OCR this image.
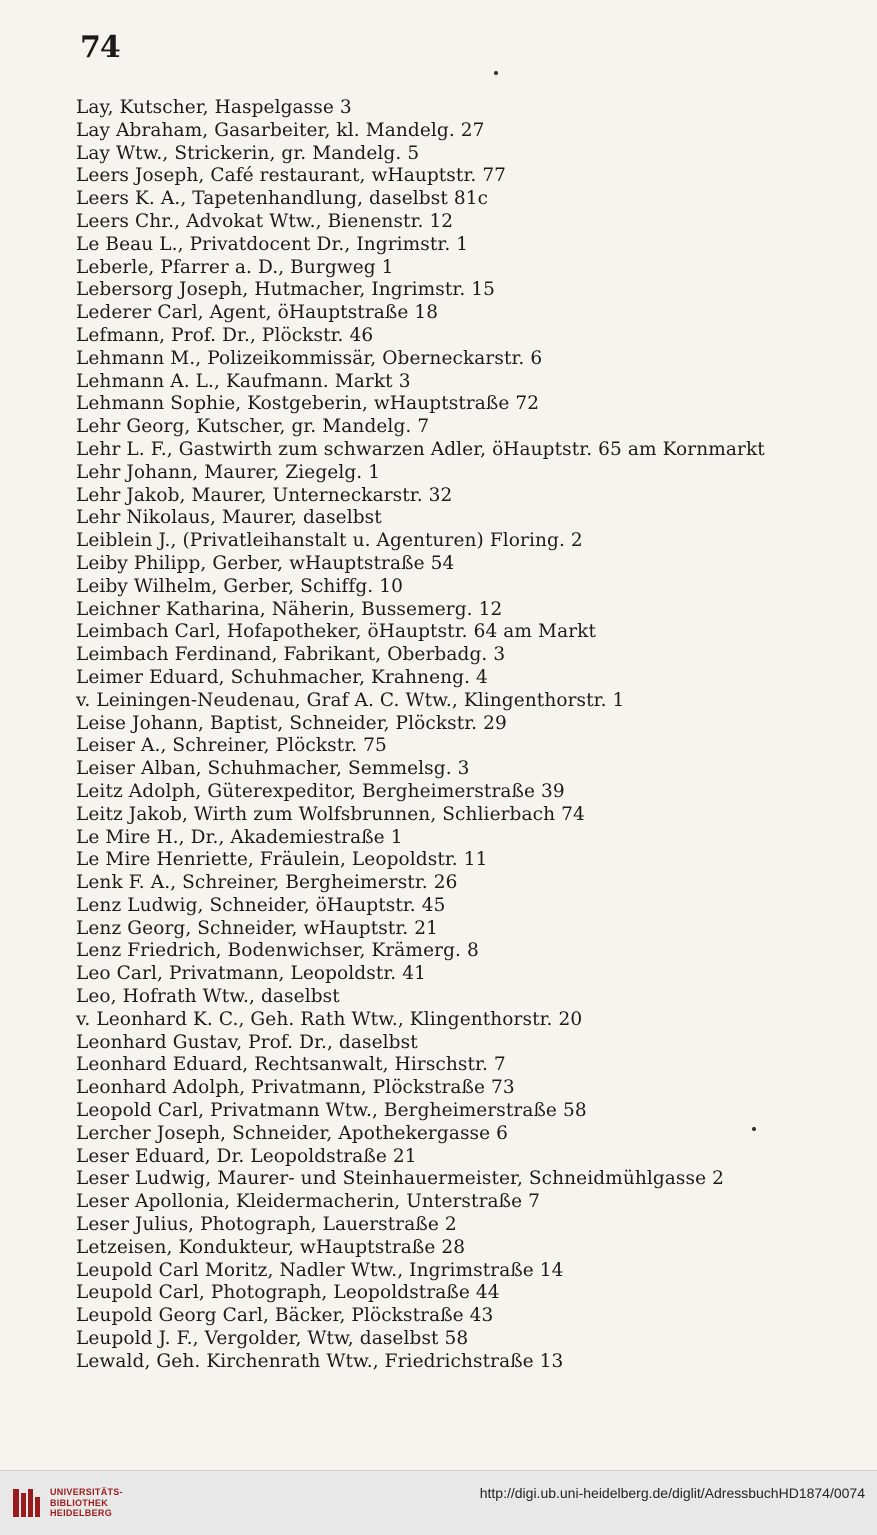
74
Lay, Kutscher, Haspelgasse 3
Lay Abraham, Gasarbeiter, kl. Mandelg. 27
Lay Wtw., Strickerin, gr. Mandelg. 5
Leers Joseph, Café restaurant, wHauptstr. 77
Leers K. A., Tapetenhandlung, daselbst 81c
Leers Chr., Advokat Wtw., Bienenstr. 12
Le Beau L., Privatdocent Dr., Ingrimstr. 1
Leberle, Pfarrer a. D., Burgweg 1
Lebersorg Joseph, Hutmacher, Ingrimstr. 15
Lederer Carl, Agent, öHauptstraße 18
Lefmann, Prof. Dr., Plöckstr. 46
Lehmann M., Polizeikommissär, Oberneckarstr. 6
Lehmann A. L., Kaufmann. Markt 3
Lehmann Sophie, Kostgeberin, wHauptstraße 72
Lehr Georg, Kutscher, gr. Mandelg. 7
Lehr L. F., Gastwirth zum schwarzen Adler, öHauptstr. 65 am Kornmarkt
Lehr Johann, Maurer, Ziegelg. 1
Lehr Jakob, Maurer, Unterneckarstr. 32
Lehr Nikolaus, Maurer, daselbst
Leiblein J., (Privatleihanstalt u. Agenturen) Floring. 2
Leiby Philipp, Gerber, wHauptstraße 54
Leiby Wilhelm, Gerber, Schiffg. 10
Leichner Katharina, Näherin, Bussemerg. 12
Leimbach Carl, Hofapotheker, öHauptstr. 64 am Markt
Leimbach Ferdinand, Fabrikant, Oberbadg. 3
Leimer Eduard, Schuhmacher, Krahneng. 4
v. Leiningen-Neudenau, Graf A. C. Wtw., Klingenthorstr. 1
Leise Johann, Baptist, Schneider, Plöckstr. 29
Leiser A., Schreiner, Plöckstr. 75
Leiser Alban, Schuhmacher, Semmelsg. 3
Leitz Adolph, Güterexpeditor, Bergheimerstraße 39
Leitz Jakob, Wirth zum Wolfsbrunnen, Schlierbach 74
Le Mire H., Dr., Akademiestraße 1
Le Mire Henriette, Fräulein, Leopoldstr. 11
Lenk F. A., Schreiner, Bergheimerstr. 26
Lenz Ludwig, Schneider, öHauptstr. 45
Lenz Georg, Schneider, wHauptstr. 21
Lenz Friedrich, Bodenwichser, Krämerg. 8
Leo Carl, Privatmann, Leopoldstr. 41
Leo, Hofrath Wtw., daselbst
v. Leonhard K. C., Geh. Rath Wtw., Klingenthorstr. 20
Leonhard Gustav, Prof. Dr., daselbst
Leonhard Eduard, Rechtsanwalt, Hirschstr. 7
Leonhard Adolph, Privatmann, Plöckstraße 73
Leopold Carl, Privatmann Wtw., Bergheimerstraße 58
Lercher Joseph, Schneider, Apothekergasse 6
Leser Eduard, Dr. Leopoldstraße 21
Leser Ludwig, Maurer- und Steinhauermeister, Schneidmühlgasse 2
Leser Apollonia, Kleidermacherin, Unterstraße 7
Leser Julius, Photograph, Lauerstraße 2
Letzeisen, Kondukteur, wHauptstraße 28
Leupold Carl Moritz, Nadler Wtw., Ingrimstraße 14
Leupold Carl, Photograph, Leopoldstraße 44
Leupold Georg Carl, Bäcker, Plöckstraße 43
Leupold J. F., Vergolder, Wtw, daselbst 58
Lewald, Geh. Kirchenrath Wtw., Friedrichstraße 13
UNIVERSITÄTS-
BIBLIOTHEK
HEIDELBERG
http://digi.ub.uni-heidelberg.de/diglit/AdressbuchHD1874/0074
